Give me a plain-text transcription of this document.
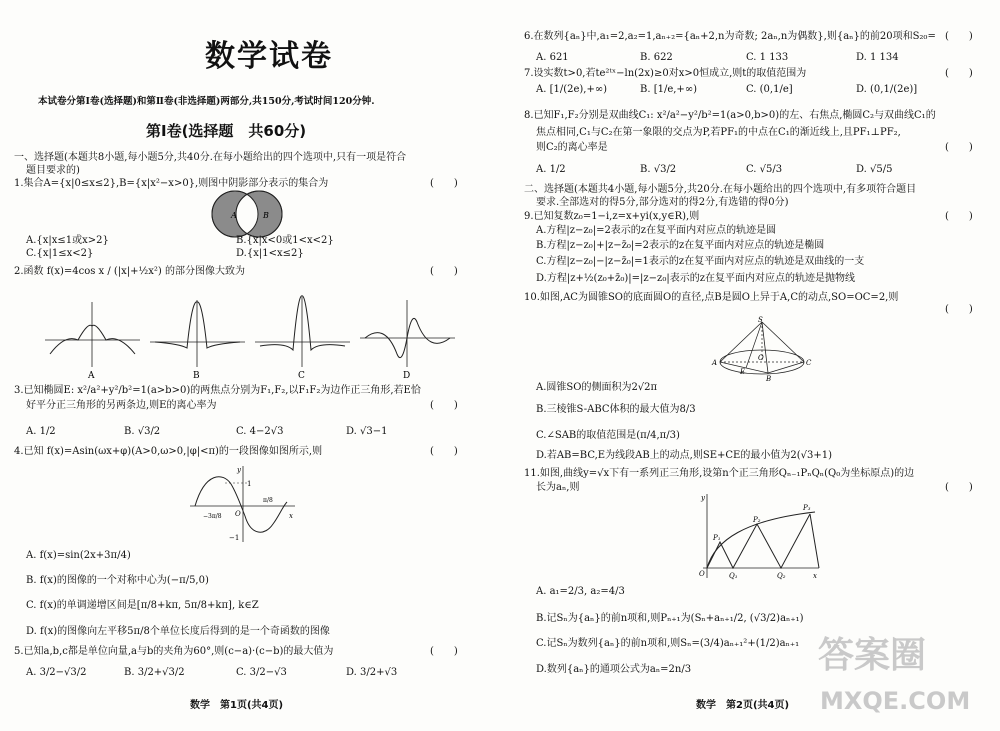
数学试卷
本试卷分第Ⅰ卷(选择题)和第Ⅱ卷(非选择题)两部分,共150分,考试时间120分钟.
第Ⅰ卷(选择题　共60分)
一、选择题(本题共8小题,每小题5分,共40分.在每小题给出的四个选项中,只有一项是符合
题目要求的)
1.集合A={x|0≤x≤2},B={x|x²−x>0},则图中阴影部分表示的集合为	(　　)
A	B
A.{x|x≤1或x>2}	B.{x|x<0或1<x<2}
C.{x|1≤x<2}	D.{x|1<x≤2}
2.函数 f(x)=4cos x / (|x|+½x²) 的部分图像大致为	(　　)
A	B	C	D
3.已知椭圆E: x²/a²+y²/b²=1(a>b>0)的两焦点分别为F₁,F₂,以F₁F₂为边作正三角形,若E恰
好平分正三角形的另两条边,则E的离心率为	(　　)
A. 1/2	B. √3/2	C. 4−2√3	D. √3−1
4.已知 f(x)=Asin(ωx+φ)(A>0,ω>0,|φ|<π)的一段图像如图所示,则	(　　)
x
y
1
−1
−3π/8
π/8
O
A. f(x)=sin(2x+3π/4)
B. f(x)的图像的一个对称中心为(−π/5,0)
C. f(x)的单调递增区间是[π/8+kπ, 5π/8+kπ], k∈Z
D. f(x)的图像向左平移5π/8个单位长度后得到的是一个奇函数的图像
5.已知a,b,c都是单位向量,a与b的夹角为60°,则(c−a)·(c−b)的最大值为	(　　)
A. 3/2−√3/2	B. 3/2+√3/2	C. 3/2−√3	D. 3/2+√3
数学　第1页(共4页)
6.在数列{aₙ}中,a₁=2,a₂=1,aₙ₊₂={aₙ+2,n为奇数; 2aₙ,n为偶数},则{aₙ}的前20项和S₂₀= (　　)
A. 621	B. 622	C. 1 133	D. 1 134
7.设实数t>0,若te²ᵗˣ−ln(2x)≥0对x>0恒成立,则t的取值范围为	(　　)
A. [1/(2e),+∞)	B. [1/e,+∞)	C. (0,1/e]	D. (0,1/(2e)]
8.已知F₁,F₂分别是双曲线C₁: x²/a²−y²/b²=1(a>0,b>0)的左、右焦点,椭圆C₂与双曲线C₁的
焦点相同,C₁与C₂在第一象限的交点为P,若PF₁的中点在C₁的渐近线上,且PF₁⊥PF₂,
则C₂的离心率是	(　　)
A. 1/2	B. √3/2	C. √5/3	D. √5/5
二、选择题(本题共4小题,每小题5分,共20分.在每小题给出的四个选项中,有多项符合题目
要求.全部选对的得5分,部分选对的得2分,有选错的得0分)
9.已知复数z₀=1−i,z=x+yi(x,y∈R),则	(　　)
A.方程|z−z₀|=2表示的z在复平面内对应点的轨迹是圆
B.方程|z−z₀|+|z−z̄₀|=2表示的z在复平面内对应点的轨迹是椭圆
C.方程|z−z₀|−|z−z̄₀|=1表示的z在复平面内对应点的轨迹是双曲线的一支
D.方程|z+½(z₀+z̄₀)|=|z−z₀|表示的z在复平面内对应点的轨迹是抛物线
10.如图,AC为圆锥SO的底面圆O的直径,点B是圆O上异于A,C的动点,SO=OC=2,则
(　　)
S
A
B
C
O
E
A.圆锥SO的侧面积为2√2π
B.三棱锥S-ABC体积的最大值为8/3
C.∠SAB的取值范围是(π/4,π/3)
D.若AB=BC,E为线段AB上的动点,则SE+CE的最小值为2(√3+1)
11.如图,曲线y=√x下有一系列正三角形,设第n个正三角形Qₙ₋₁PₙQₙ(Q₀为坐标原点)的边
长为aₙ,则	(　　)
y
x
O
P₁
P₂
P₃
Q₁	Q₂
A. a₁=2/3, a₂=4/3
B.记Sₙ为{aₙ}的前n项和,则Pₙ₊₁为(Sₙ+aₙ₊₁/2, (√3/2)aₙ₊₁)
C.记Sₙ为数列{aₙ}的前n项和,则Sₙ=(3/4)aₙ₊₁²+(1/2)aₙ₊₁
D.数列{aₙ}的通项公式为aₙ=2n/3
数学　第2页(共4页)
答案圈
MXQE.COM
